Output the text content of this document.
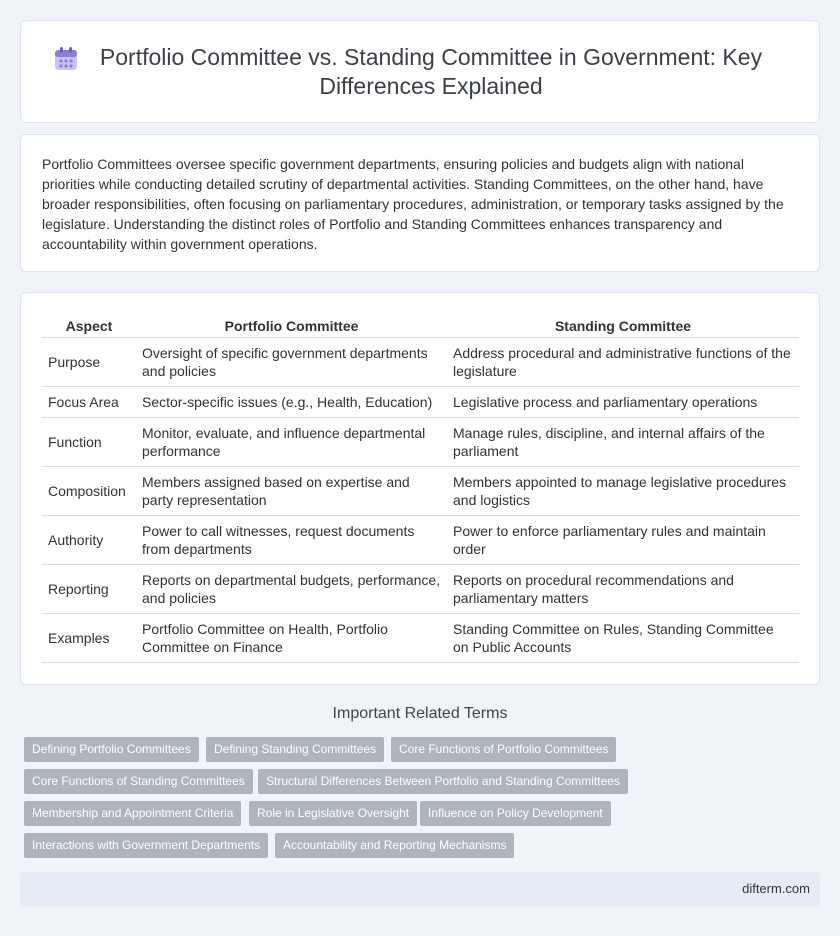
Portfolio Committee vs. Standing Committee in Government: Key Differences Explained

Portfolio Committees oversee specific government departments, ensuring policies and budgets align with national priorities while conducting detailed scrutiny of departmental activities. Standing Committees, on the other hand, have broader responsibilities, often focusing on parliamentary procedures, administration, or temporary tasks assigned by the legislature. Understanding the distinct roles of Portfolio and Standing Committees enhances transparency and accountability within government operations.

Aspect	Portfolio Committee	Standing Committee
Purpose	Oversight of specific government departments and policies	Address procedural and administrative functions of the legislature
Focus Area	Sector-specific issues (e.g., Health, Education)	Legislative process and parliamentary operations
Function	Monitor, evaluate, and influence departmental performance	Manage rules, discipline, and internal affairs of the parliament
Composition	Members assigned based on expertise and party representation	Members appointed to manage legislative procedures and logistics
Authority	Power to call witnesses, request documents from departments	Power to enforce parliamentary rules and maintain order
Reporting	Reports on departmental budgets, performance, and policies	Reports on procedural recommendations and parliamentary matters
Examples	Portfolio Committee on Health, Portfolio Committee on Finance	Standing Committee on Rules, Standing Committee on Public Accounts
Important Related Terms
Defining Portfolio Committees	Defining Standing Committees	Core Functions of Portfolio Committees
Core Functions of Standing Committees	Structural Differences Between Portfolio and Standing Committees
Membership and Appointment Criteria	Role in Legislative Oversight	Influence on Policy Development
Interactions with Government Departments	Accountability and Reporting Mechanisms
difterm.com
